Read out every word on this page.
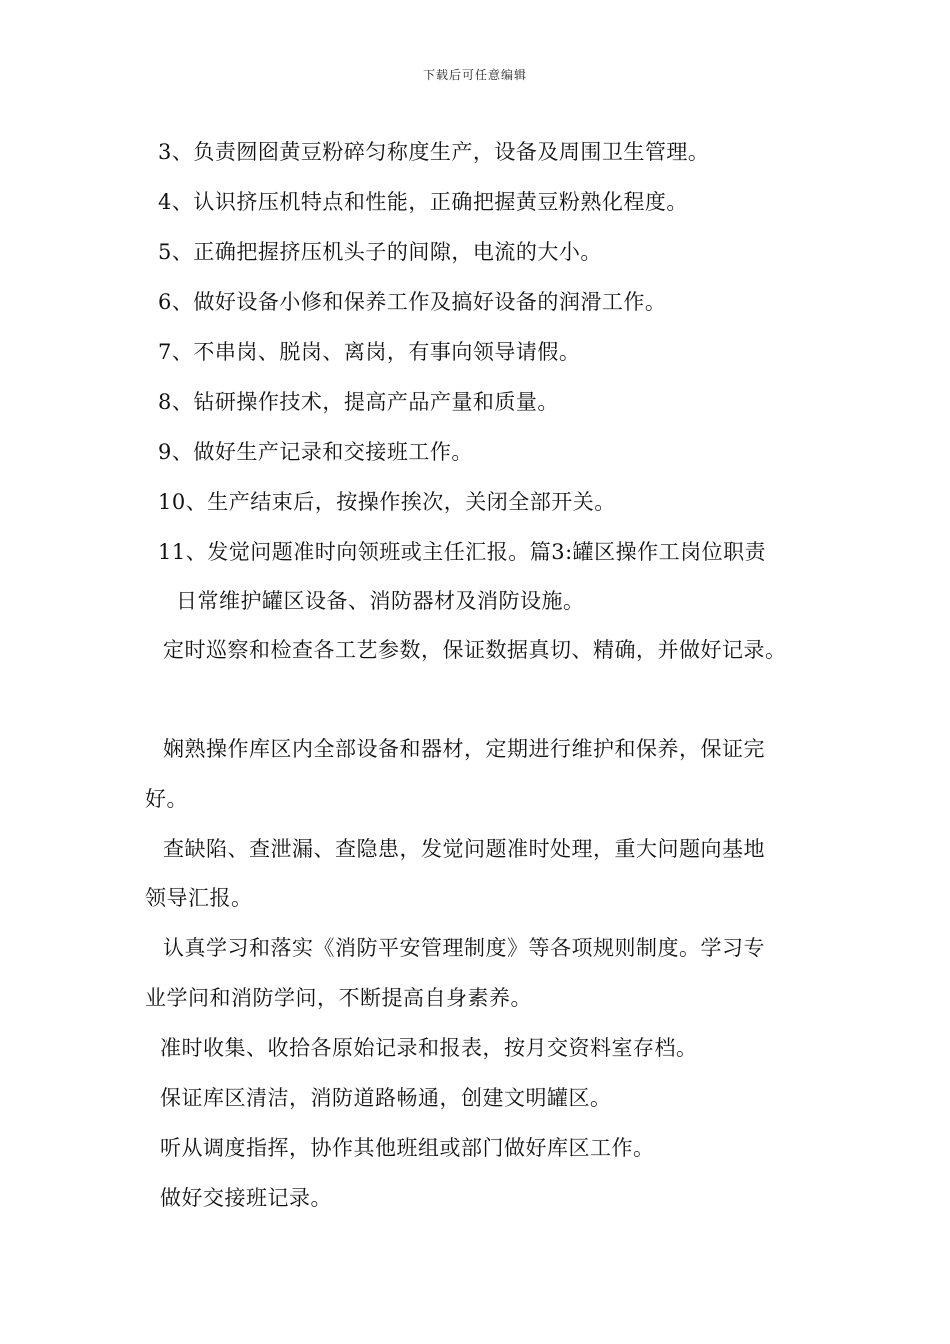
下载后可任意编辑
3、负责囫囵黄豆粉碎匀称度生产，设备及周围卫生管理。
4、认识挤压机特点和性能，正确把握黄豆粉熟化程度。
5、正确把握挤压机头子的间隙，电流的大小。
6、做好设备小修和保养工作及搞好设备的润滑工作。
7、不串岗、脱岗、离岗，有事向领导请假。
8、钻研操作技术，提高产品产量和质量。
9、做好生产记录和交接班工作。
10、生产结束后，按操作挨次，关闭全部开关。
11、发觉问题准时向领班或主任汇报。篇3:罐区操作工岗位职责
日常维护罐区设备、消防器材及消防设施。
定时巡察和检查各工艺参数，保证数据真切、精确，并做好记录。
娴熟操作库区内全部设备和器材，定期进行维护和保养，保证完
好。
查缺陷、查泄漏、查隐患，发觉问题准时处理，重大问题向基地
领导汇报。
认真学习和落实《消防平安管理制度》等各项规则制度。学习专
业学问和消防学问，不断提高自身素养。
准时收集、收拾各原始记录和报表，按月交资料室存档。
保证库区清洁，消防道路畅通，创建文明罐区。
听从调度指挥，协作其他班组或部门做好库区工作。
做好交接班记录。
